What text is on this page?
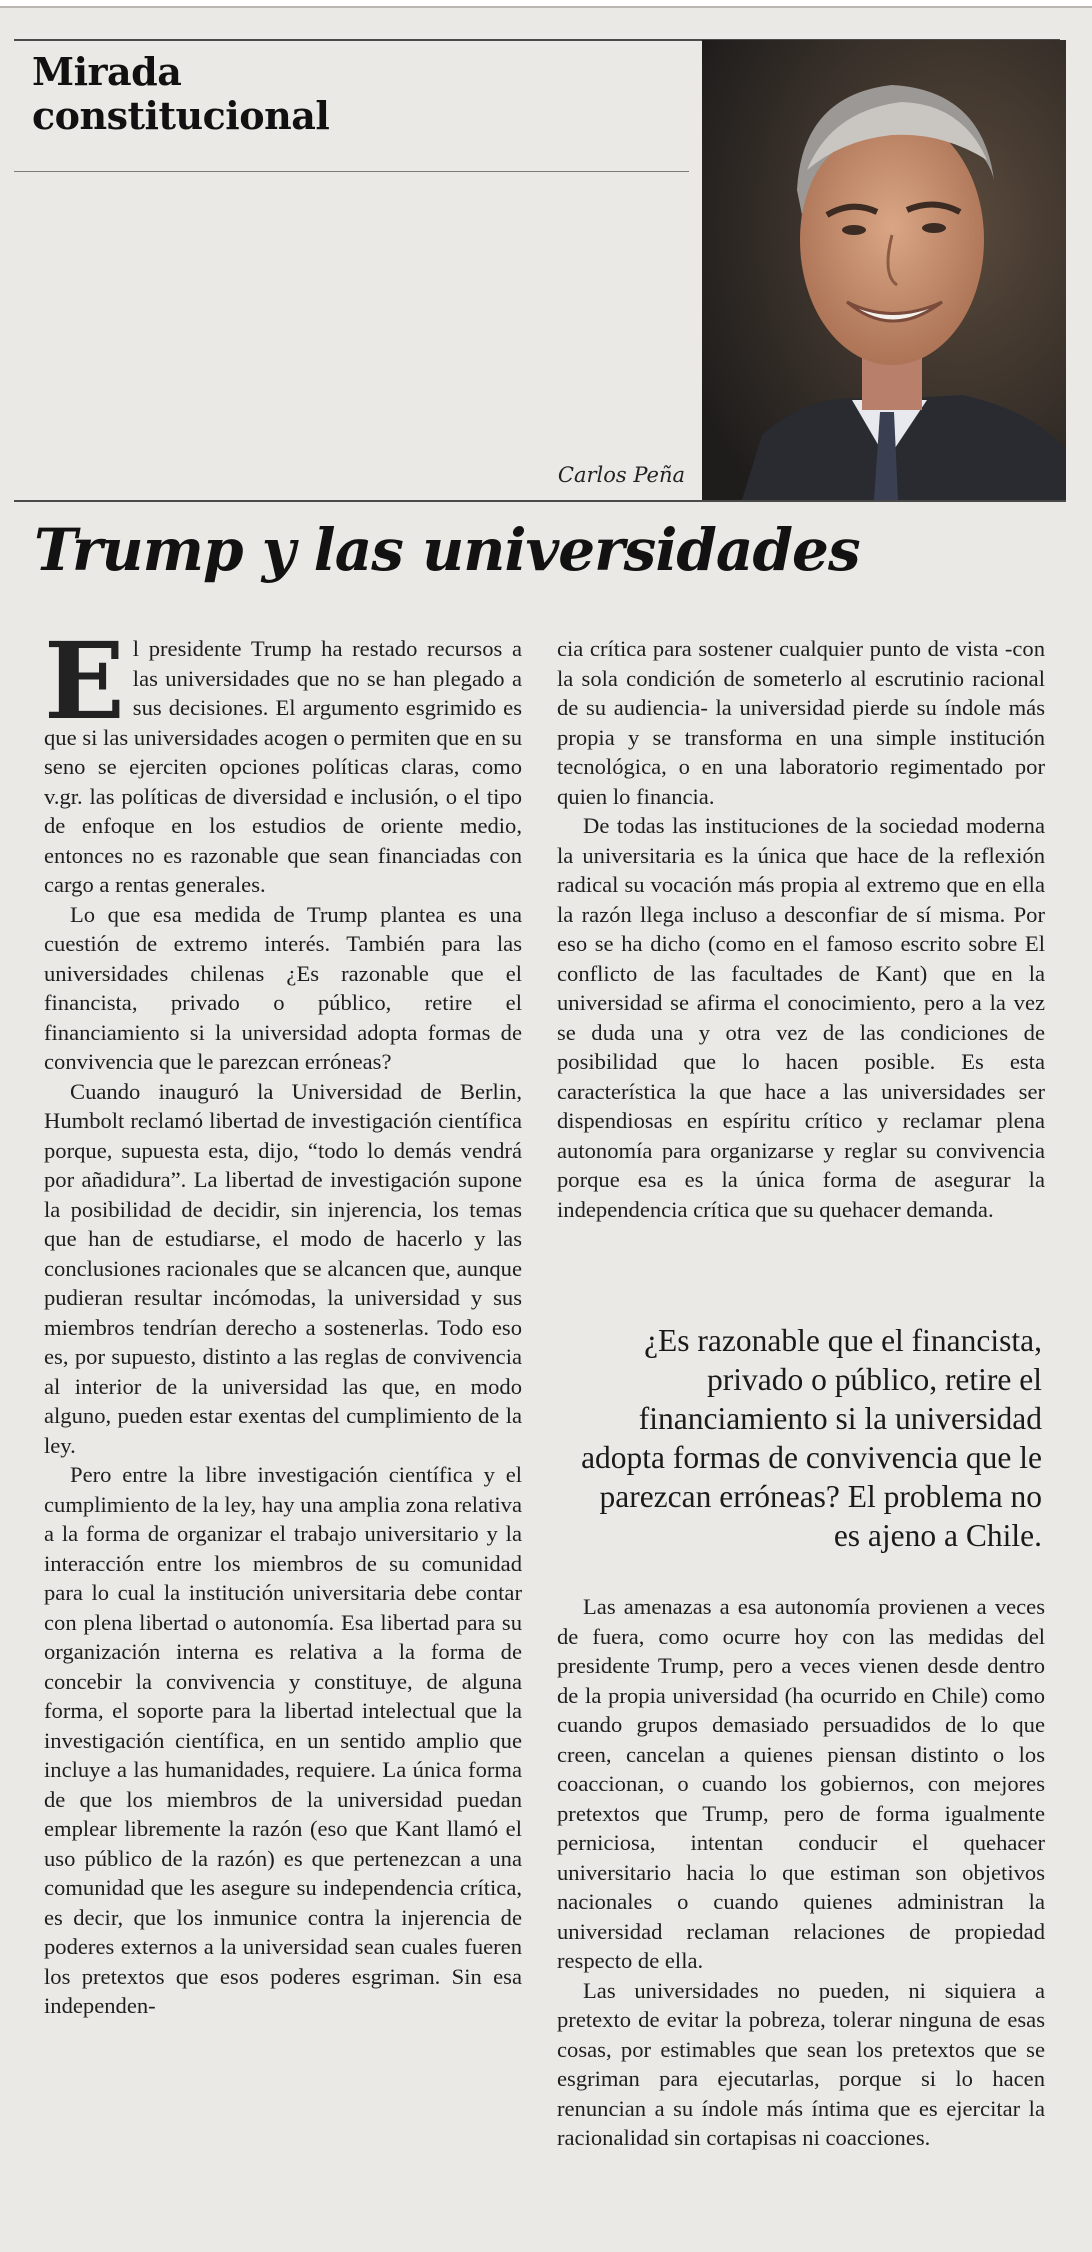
Mirada
constitucional
Carlos Peña
Trump y las universidades

El presidente Trump ha restado recursos a las universidades que no se han plegado a sus decisiones. El argumento esgrimido es que si las universidades acogen o permiten que en su seno se ejerciten opciones políticas claras, como v.gr. las políticas de diversidad e inclusión, o el tipo de enfoque en los estudios de oriente medio, entonces no es razonable que sean financiadas con cargo a rentas generales.

Lo que esa medida de Trump plantea es una cuestión de extremo interés. También para las universidades chilenas ¿Es razonable que el financista, privado o público, retire el financiamiento si la universidad adopta formas de convivencia que le parezcan erróneas?

Cuando inauguró la Universidad de Berlin, Humbolt reclamó libertad de investigación científica porque, supuesta esta, dijo, “todo lo demás vendrá por añadidura”. La libertad de investigación supone la posibilidad de decidir, sin injerencia, los temas que han de estudiarse, el modo de hacerlo y las conclusiones racionales que se alcancen que, aunque pudieran resultar incómodas, la universidad y sus miembros tendrían derecho a sostenerlas. Todo eso es, por supuesto, distinto a las reglas de convivencia al interior de la universidad las que, en modo alguno, pueden estar exentas del cumplimiento de la ley.

Pero entre la libre investigación científica y el cumplimiento de la ley, hay una amplia zona relativa a la forma de organizar el trabajo universitario y la interacción entre los miembros de su comunidad para lo cual la institución universitaria debe contar con plena libertad o autonomía. Esa libertad para su organización interna es relativa a la forma de concebir la convivencia y constituye, de alguna forma, el soporte para la libertad intelectual que la investigación científica, en un sentido amplio que incluye a las humanidades, requiere. La única forma de que los miembros de la universidad puedan emplear libremente la razón (eso que Kant llamó el uso público de la razón) es que pertenezcan a una comunidad que les asegure su independencia crítica, es decir, que los inmunice contra la injerencia de poderes externos a la universidad sean cuales fueren los pretextos que esos poderes esgriman. Sin esa independen-

cia crítica para sostener cualquier punto de vista -con la sola condición de someterlo al escrutinio racional de su audiencia- la universidad pierde su índole más propia y se transforma en una simple institución tecnológica, o en una laboratorio regimentado por quien lo financia.

De todas las instituciones de la sociedad moderna la universitaria es la única que hace de la reflexión radical su vocación más propia al extremo que en ella la razón llega incluso a desconfiar de sí misma. Por eso se ha dicho (como en el famoso escrito sobre El conflicto de las facultades de Kant) que en la universidad se afirma el conocimiento, pero a la vez se duda una y otra vez de las condiciones de posibilidad que lo hacen posible. Es esta característica la que hace a las universidades ser dispendiosas en espíritu crítico y reclamar plena autonomía para organizarse y reglar su convivencia porque esa es la única forma de asegurar la independencia crítica que su quehacer demanda.

¿Es razonable que el financista, privado o público, retire el financiamiento si la universidad adopta formas de convivencia que le parezcan erróneas? El problema no es ajeno a Chile.

Las amenazas a esa autonomía provienen a veces de fuera, como ocurre hoy con las medidas del presidente Trump, pero a veces vienen desde dentro de la propia universidad (ha ocurrido en Chile) como cuando grupos demasiado persuadidos de lo que creen, cancelan a quienes piensan distinto o los coaccionan, o cuando los gobiernos, con mejores pretextos que Trump, pero de forma igualmente perniciosa, intentan conducir el quehacer universitario hacia lo que estiman son objetivos nacionales o cuando quienes administran la universidad reclaman relaciones de propiedad respecto de ella.

Las universidades no pueden, ni siquiera a pretexto de evitar la pobreza, tolerar ninguna de esas cosas, por estimables que sean los pretextos que se esgriman para ejecutarlas, porque si lo hacen renuncian a su índole más íntima que es ejercitar la racionalidad sin cortapisas ni coacciones.
